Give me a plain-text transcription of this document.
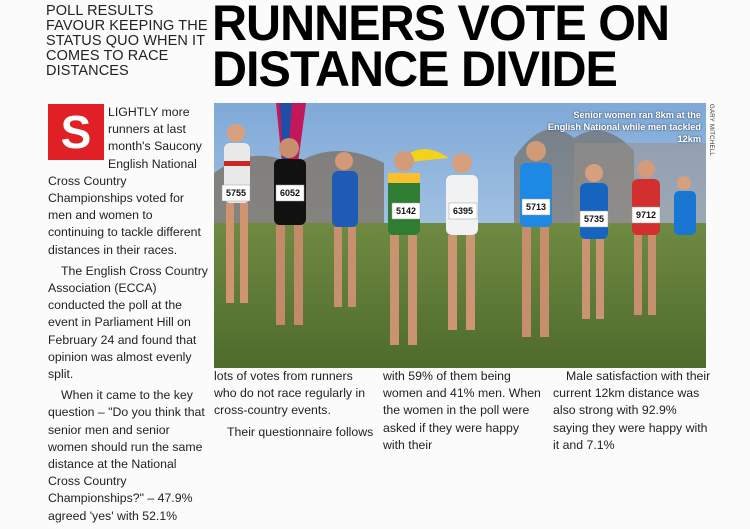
POLL RESULTS FAVOUR KEEPING THE STATUS QUO WHEN IT COMES TO RACE DISTANCES
RUNNERS VOTE ON
DISTANCE DIVIDE

S	LIGHTLY more runners at last month's Saucony English National Cross Country Championships voted for men and women to continuing to tackle different distances in their races.

The English Cross Country Association (ECCA) conducted the poll at the event in Parliament Hill on February 24 and found that opinion was almost evenly split.

When it came to the key question – "Do you think that senior men and senior women should run the same distance at the National Cross Country Championships?" – 47.9% agreed 'yes' with 52.1%

5755	6052
5142	6395	5713
5735	9712
Senior women ran 8km at the English National while men tackled 12km	GARY MITCHELL

lots of votes from runners who do not race regularly in cross-country events.

Their questionnaire follows

with 59% of them being women and 41% men. When the women in the poll were asked if they were happy with their

Male satisfaction with their current 12km distance was also strong with 92.9% saying they were happy with it and 7.1%
